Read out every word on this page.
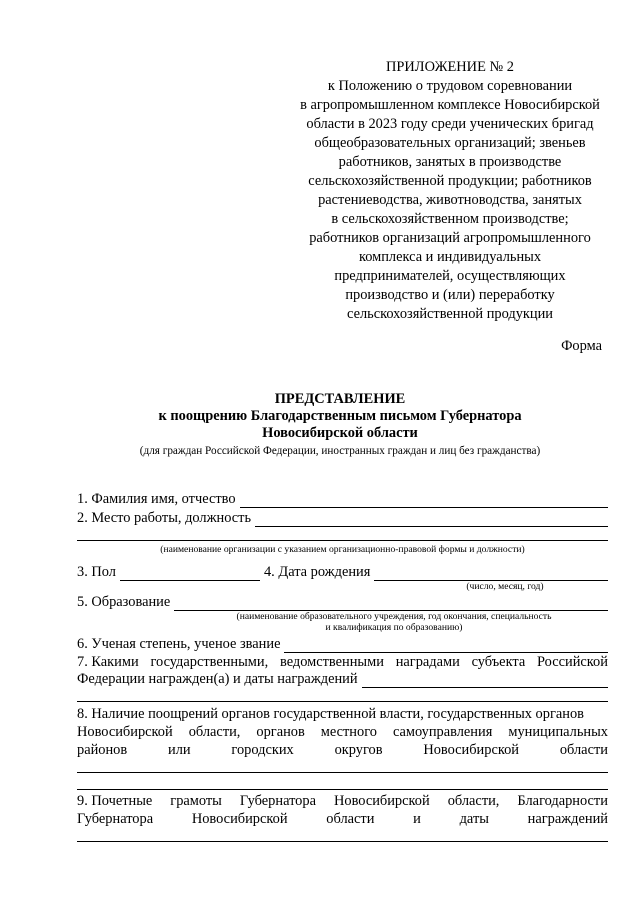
ПРИЛОЖЕНИЕ № 2
к Положению о трудовом соревновании
в агропромышленном комплексе Новосибирской
области в 2023 году среди ученических бригад
общеобразовательных организаций; звеньев
работников, занятых в производстве
сельскохозяйственной продукции; работников
растениеводства, животноводства, занятых
в сельскохозяйственном производстве;
работников организаций агропромышленного
комплекса и индивидуальных
предпринимателей, осуществляющих
производство и (или) переработку
сельскохозяйственной продукции
Форма
ПРЕДСТАВЛЕНИЕ
к поощрению Благодарственным письмом Губернатора
Новосибирской области
(для граждан Российской Федерации, иностранных граждан и лиц без гражданства)
1. Фамилия имя, отчество
2. Место работы, должность
(наименование организации с указанием организационно-правовой формы и должности)
3. Пол	4. Дата рождения
(число, месяц, год)
5. Образование
(наименование образовательного учреждения, год окончания, специальность
и квалификация по образованию)
6. Ученая степень, ученое звание
7. Какими государственными, ведомственными наградами субъекта Российской
Федерации награжден(а) и даты награждений
8. Наличие поощрений органов государственной власти, государственных органов
Новосибирской области, органов местного самоуправления муниципальных
районов	или	городских	округов	Новосибирской	области
9. Почетные грамоты Губернатора Новосибирской области, Благодарности
Губернатора	Новосибирской	области	и	даты	награждений
